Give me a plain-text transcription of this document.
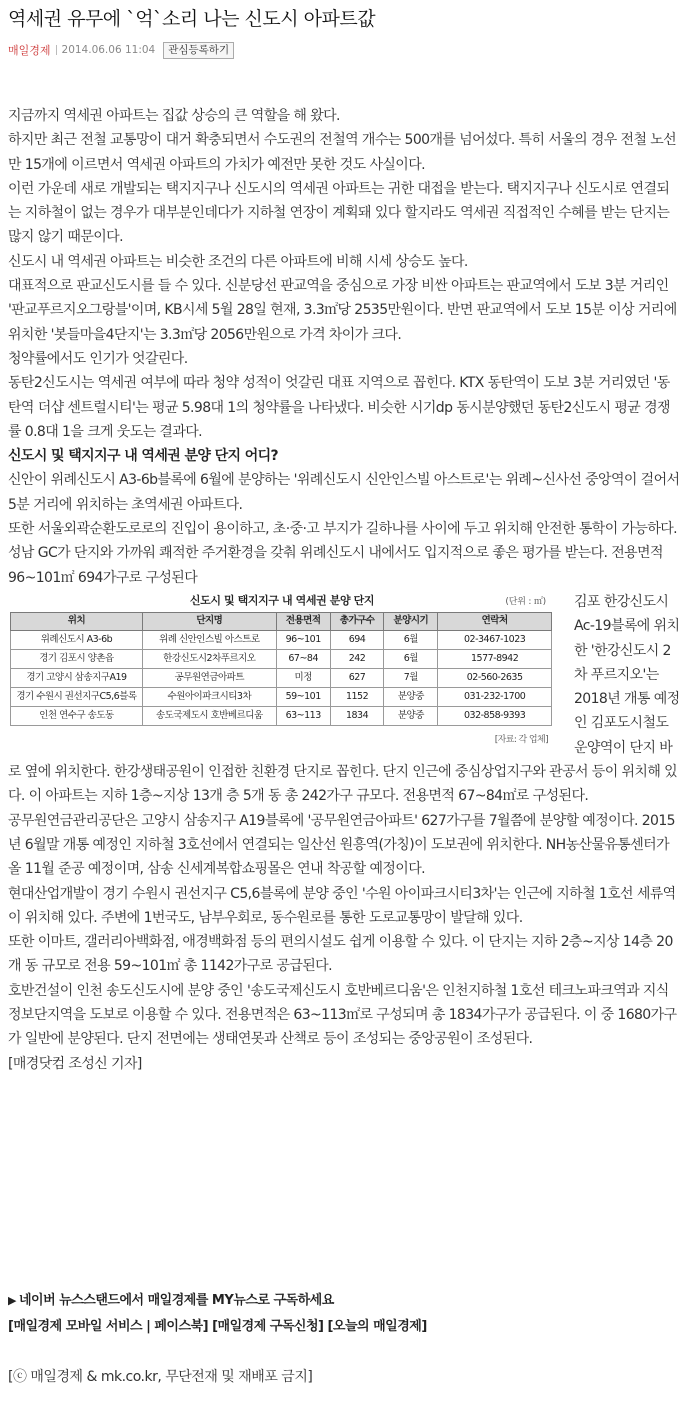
역세권 유무에 `억`소리 나는 신도시 아파트값
매일경제 2014.06.06 11:04	관심등록하기

지금까지 역세권 아파트는 집값 상승의 큰 역할을 해 왔다.

하지만 최근 전철 교통망이 대거 확충되면서 수도권의 전철역 개수는 500개를 넘어섰다. 특히 서울의 경우 전철 노선만 15개에 이르면서 역세권 아파트의 가치가 예전만 못한 것도 사실이다.

이런 가운데 새로 개발되는 택지지구나 신도시의 역세권 아파트는 귀한 대접을 받는다. 택지지구나 신도시로 연결되는 지하철이 없는 경우가 대부분인데다가 지하철 연장이 계획돼 있다 할지라도 역세권 직접적인 수혜를 받는 단지는 많지 않기 때문이다.

신도시 내 역세권 아파트는 비슷한 조건의 다른 아파트에 비해 시세 상승도 높다.

대표적으로 판교신도시를 들 수 있다. 신분당선 판교역을 중심으로 가장 비싼 아파트는 판교역에서 도보 3분 거리인 '판교푸르지오그랑블'이며, KB시세 5월 28일 현재, 3.3㎡당 2535만원이다. 반면 판교역에서 도보 15분 이상 거리에 위치한 '봇들마을4단지'는 3.3㎡당 2056만원으로 가격 차이가 크다.

청약률에서도 인기가 엇갈린다.

동탄2신도시는 역세권 여부에 따라 청약 성적이 엇갈린 대표 지역으로 꼽힌다. KTX 동탄역이 도보 3분 거리였던 '동탄역 더샵 센트럴시티'는 평균 5.98대 1의 청약률을 나타냈다. 비슷한 시기dp 동시분양했던 동탄2신도시 평균 경쟁률 0.8대 1을 크게 웃도는 결과다.

신도시 및 택지지구 내 역세권 분양 단지 어디?

신안이 위례신도시 A3-6b블록에 6월에 분양하는 '위례신도시 신안인스빌 아스트로'는 위례~신사선 중앙역이 걸어서 5분 거리에 위치하는 초역세권 아파트다.

또한 서울외곽순환도로로의 진입이 용이하고, 초·중·고 부지가 길하나를 사이에 두고 위치해 안전한 통학이 가능하다. 성남 GC가 단지와 가까워 쾌적한 주거환경을 갖춰 위례신도시 내에서도 입지적으로 좋은 평가를 받는다. 전용면적 96~101㎡ 694가구로 구성된다

신도시 및 택지지구 내 역세권 분양 단지	(단위 : ㎡)
위치	단지명	전용면적	총가구수	분양시기	연락처
위례신도시 A3-6b	위례 신안인스빌 아스트로	96~101	694	6월	02-3467-1023
경기 김포시 양촌읍	한강신도시2차푸르지오	67~84	242	6월	1577-8942
경기 고양시 삼송지구A19	공무원연금아파트	미정	627	7월	02-560-2635
경기 수원시 권선지구C5,6블록	수원아이파크시티3차	59~101	1152	분양중	031-232-1700
인천 연수구 송도동	송도국제도시 호반베르디움	63~113	1834	분양중	032-858-9393
[자료: 각 업체]

김포 한강신도시 Ac-19블록에 위치한 '한강신도시 2차 푸르지오'는 2018년 개통 예정인 김포도시철도 운양역이 단지 바로 옆에 위치한다. 한강생태공원이 인접한 친환경 단지로 꼽힌다. 단지 인근에 중심상업지구와 관공서 등이 위치해 있다. 이 아파트는 지하 1층~지상 13개 층 5개 동 총 242가구 규모다. 전용면적 67~84㎡로 구성된다.

공무원연금관리공단은 고양시 삼송지구 A19블록에 '공무원연금아파트' 627가구를 7월쯤에 분양할 예정이다. 2015년 6월말 개통 예정인 지하철 3호선에서 연결되는 일산선 원흥역(가칭)이 도보권에 위치한다. NH농산물유통센터가 올 11월 준공 예정이며, 삼송 신세계복합쇼핑몰은 연내 착공할 예정이다.

현대산업개발이 경기 수원시 권선지구 C5,6블록에 분양 중인 '수원 아이파크시티3차'는 인근에 지하철 1호선 세류역이 위치해 있다. 주변에 1번국도, 남부우회로, 동수원로를 통한 도로교통망이 발달해 있다.

또한 이마트, 갤러리아백화점, 애경백화점 등의 편의시설도 쉽게 이용할 수 있다. 이 단지는 지하 2층~지상 14층 20개 동 규모로 전용 59~101㎡ 총 1142가구로 공급된다.

호반건설이 인천 송도신도시에 분양 중인 '송도국제신도시 호반베르디움'은 인천지하철 1호선 테크노파크역과 지식정보단지역을 도보로 이용할 수 있다. 전용면적은 63~113㎡로 구성되며 총 1834가구가 공급된다. 이 중 1680가구가 일반에 분양된다. 단지 전면에는 생태연못과 산책로 등이 조성되는 중앙공원이 조성된다.

[매경닷컴 조성신 기자]

▶ 네이버 뉴스스탠드에서 매일경제를 MY뉴스로 구독하세요
[매일경제 모바일 서비스 | 페이스북] [매일경제 구독신청] [오늘의 매일경제]
[ⓒ 매일경제 & mk.co.kr, 무단전재 및 재배포 금지]
